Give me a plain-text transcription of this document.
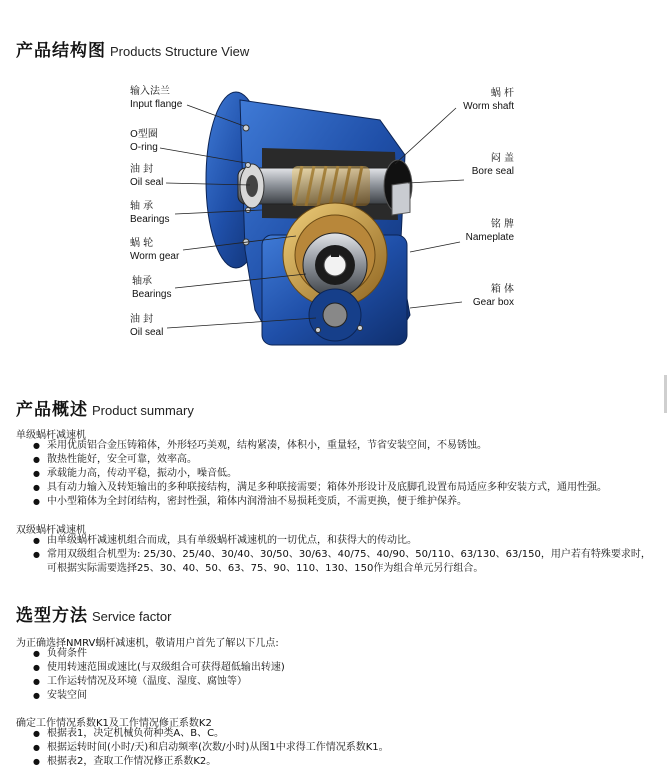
产品结构图 Products Structure View
输入法兰
Input flange
O型圈
O-ring
油 封
Oil seal
轴 承
Bearings
蜗 轮
Worm gear
轴承
Bearings
油 封
Oil seal
蜗 杆
Worm shaft
闷 盖
Bore seal
铭 牌
Nameplate
箱 体
Gear box
产品概述 Product summary
单级蜗杆减速机
● 采用优质铝合金压铸箱体，外形轻巧美观，结构紧凑，体积小，重量轻，节省安装空间，不易锈蚀。
● 散热性能好，安全可靠，效率高。
● 承载能力高，传动平稳，振动小，噪音低。
● 具有动力输入及转矩输出的多种联接结构，满足多种联接需要；箱体外形设计及底脚孔设置布局适应多种安装方式，通用性强。
● 中小型箱体为全封闭结构，密封性强，箱体内润滑油不易损耗变质，不需更换，便于维护保养。
双级蜗杆减速机
● 由单级蜗杆减速机组合而成，具有单级蜗杆减速机的一切优点，和获得大的传动比。
● 常用双级组合机型为: 25/30、25/40、30/40、30/50、30/63、40/75、40/90、50/110、63/130、63/150，用户若有特殊要求时，可根据实际需要选择25、30、40、50、63、75、90、110、130、150作为组合单元另行组合。
选型方法 Service factor
为正确选择NMRV蜗杆减速机，敬请用户首先了解以下几点:
● 负荷条件
● 使用转速范围或速比(与双级组合可获得超低输出转速)
● 工作运转情况及环境（温度、湿度、腐蚀等）
● 安装空间
确定工作情况系数K1及工作情况修正系数K2
● 根据表1，决定机械负荷种类A、B、C。
● 根据运转时间(小时/天)和启动频率(次数/小时)从图1中求得工作情况系数K1。
● 根据表2，查取工作情况修正系数K2。
